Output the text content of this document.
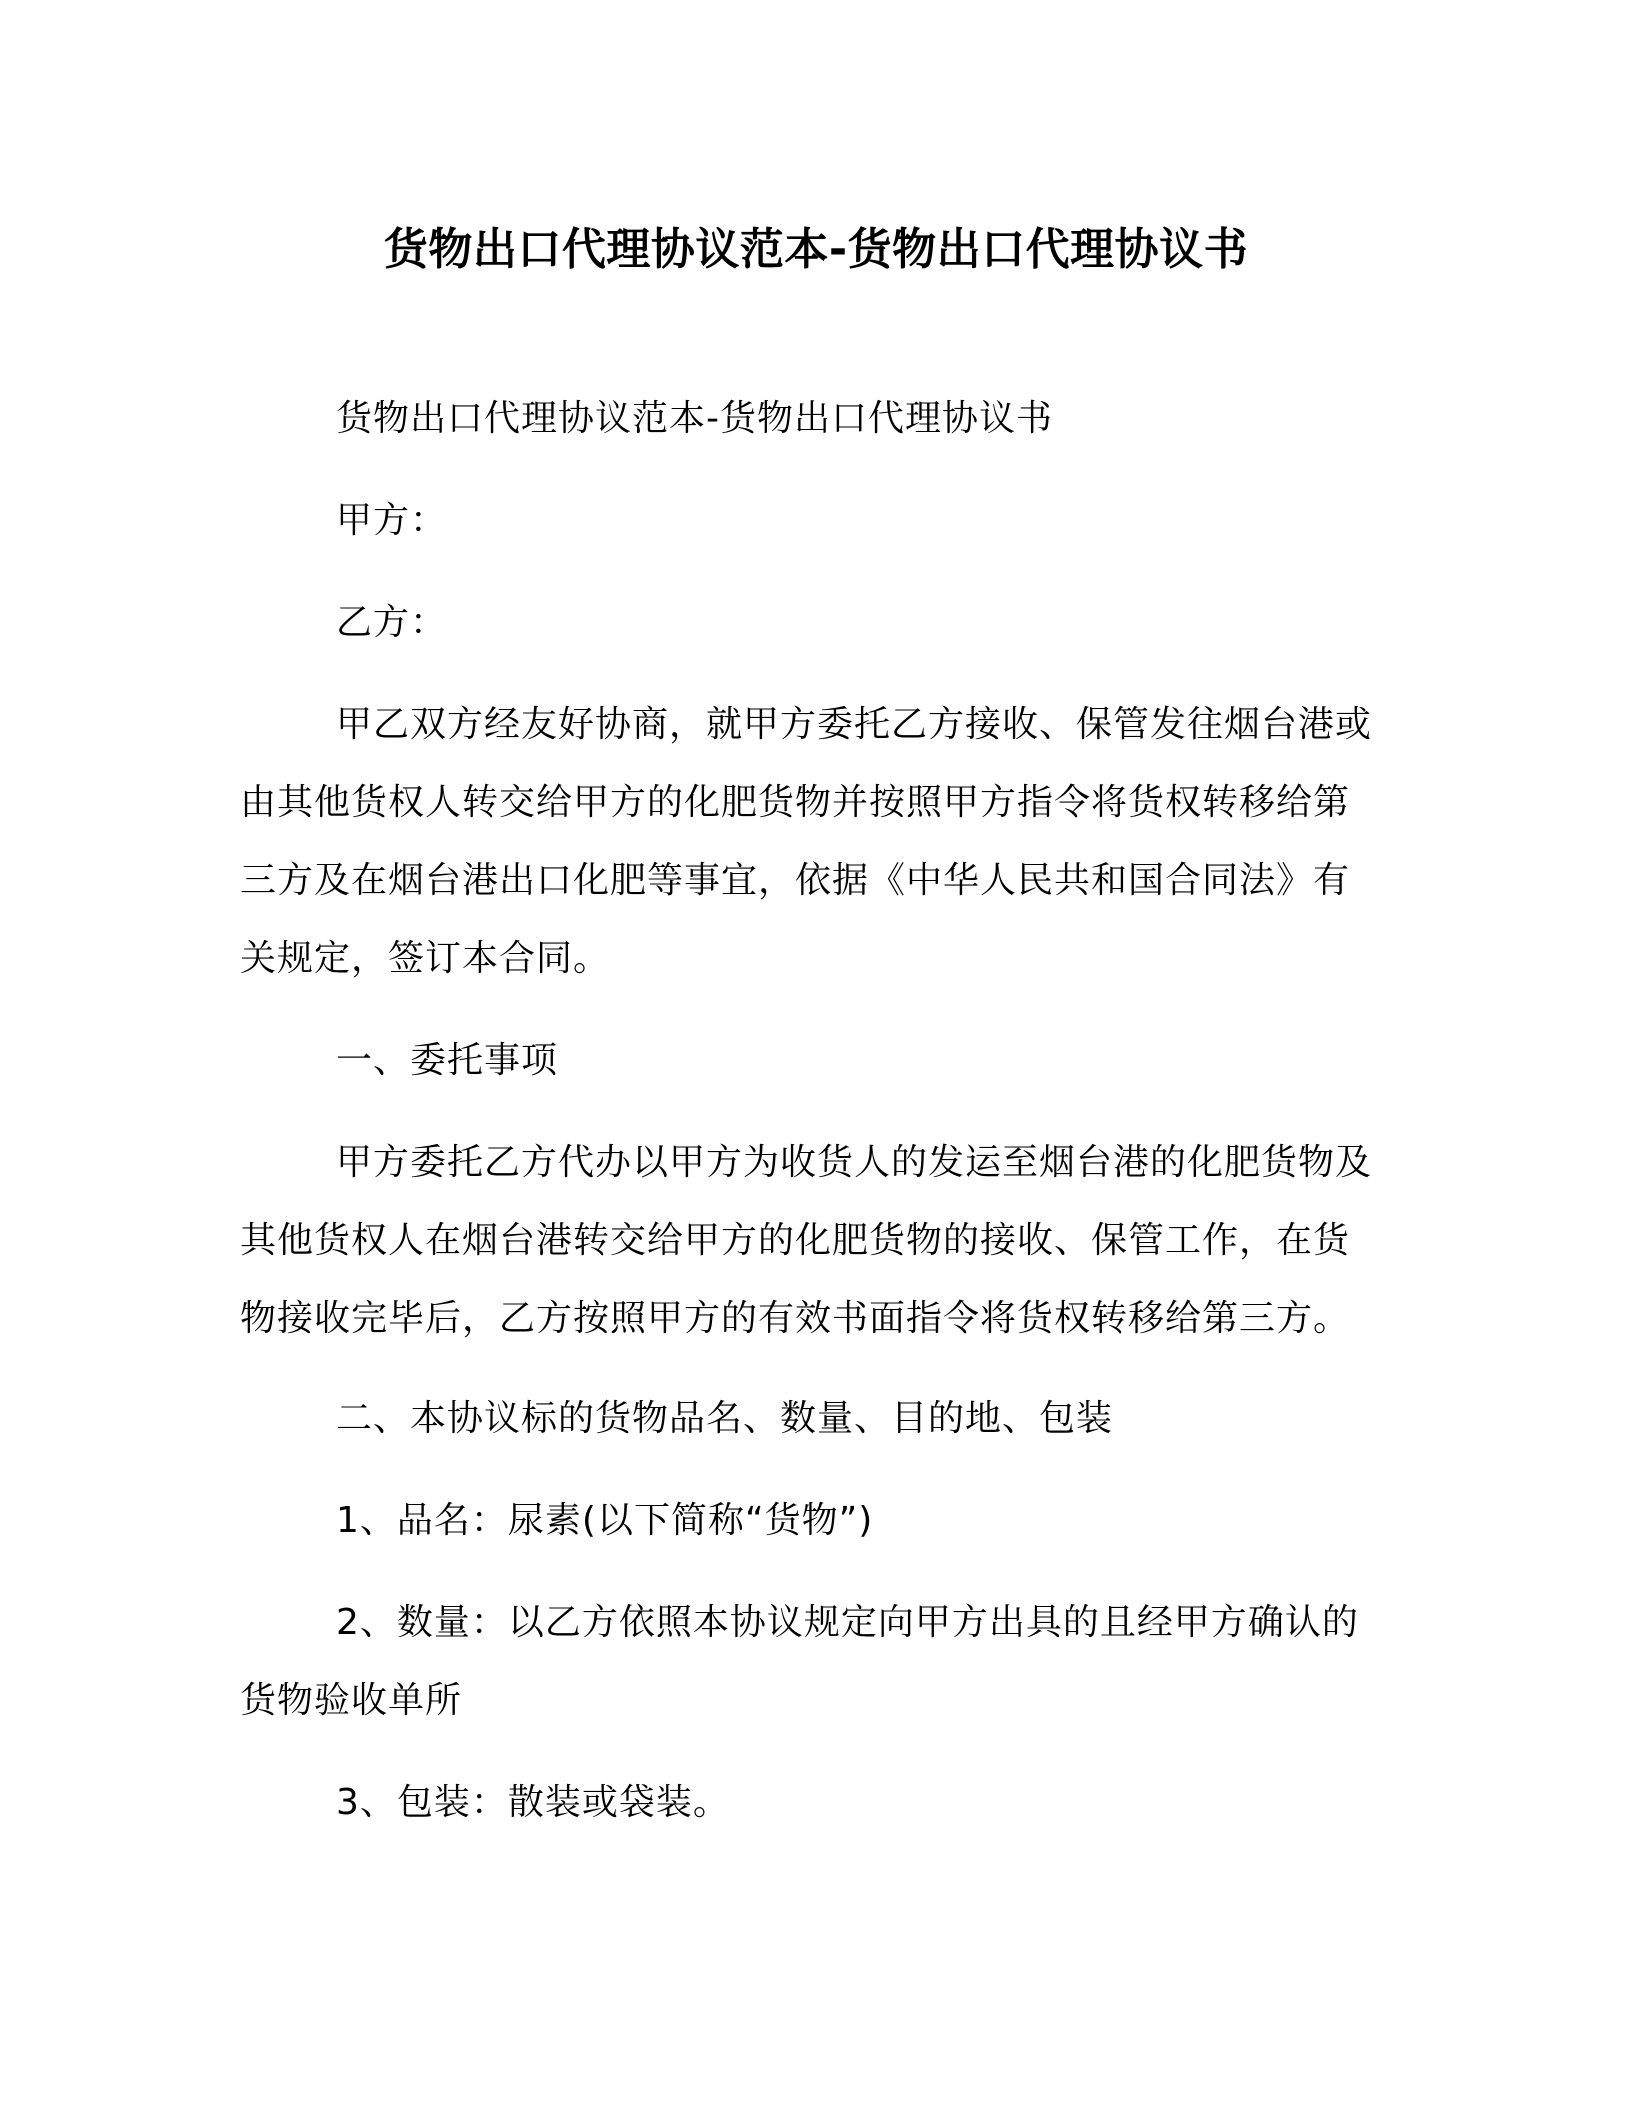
货物出口代理协议范本-货物出口代理协议书

货物出口代理协议范本-货物出口代理协议书

甲方：

乙方：

甲乙双方经友好协商，就甲方委托乙方接收、保管发往烟台港或由其他货权人转交给甲方的化肥货物并按照甲方指令将货权转移给第三方及在烟台港出口化肥等事宜，依据《中华人民共和国合同法》有关规定，签订本合同。

一、委托事项

甲方委托乙方代办以甲方为收货人的发运至烟台港的化肥货物及其他货权人在烟台港转交给甲方的化肥货物的接收、保管工作，在货物接收完毕后，乙方按照甲方的有效书面指令将货权转移给第三方。

二、本协议标的货物品名、数量、目的地、包装

1、品名：尿素(以下简称“货物”)

2、数量：以乙方依照本协议规定向甲方出具的且经甲方确认的货物验收单所

3、包装：散装或袋装。
